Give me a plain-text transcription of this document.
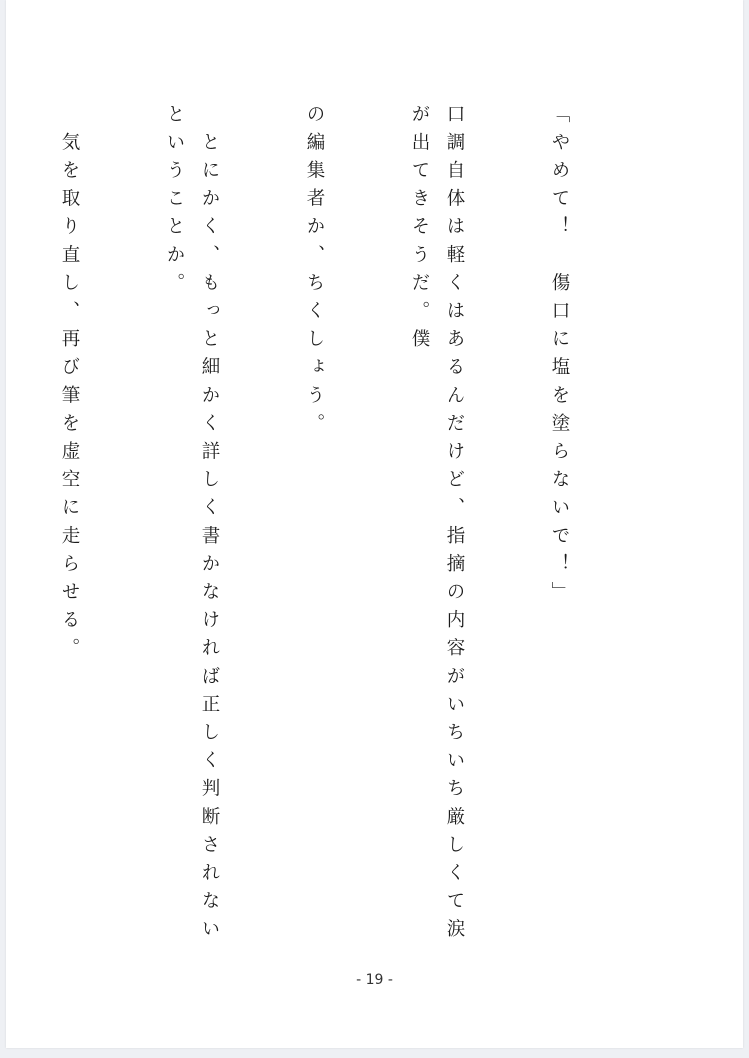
「やめて！　傷口に塩を塗らないで！」

口調自体は軽くはあるんだけど、指摘の内容がいちいち厳しくて涙が出てきそうだ。僕

の編集者か、ちくしょう。

　とにかく、もっと細かく詳しく書かなければ正しく判断されないということか。

　気を取り直し、再び筆を虚空に走らせる。

- 19 -
